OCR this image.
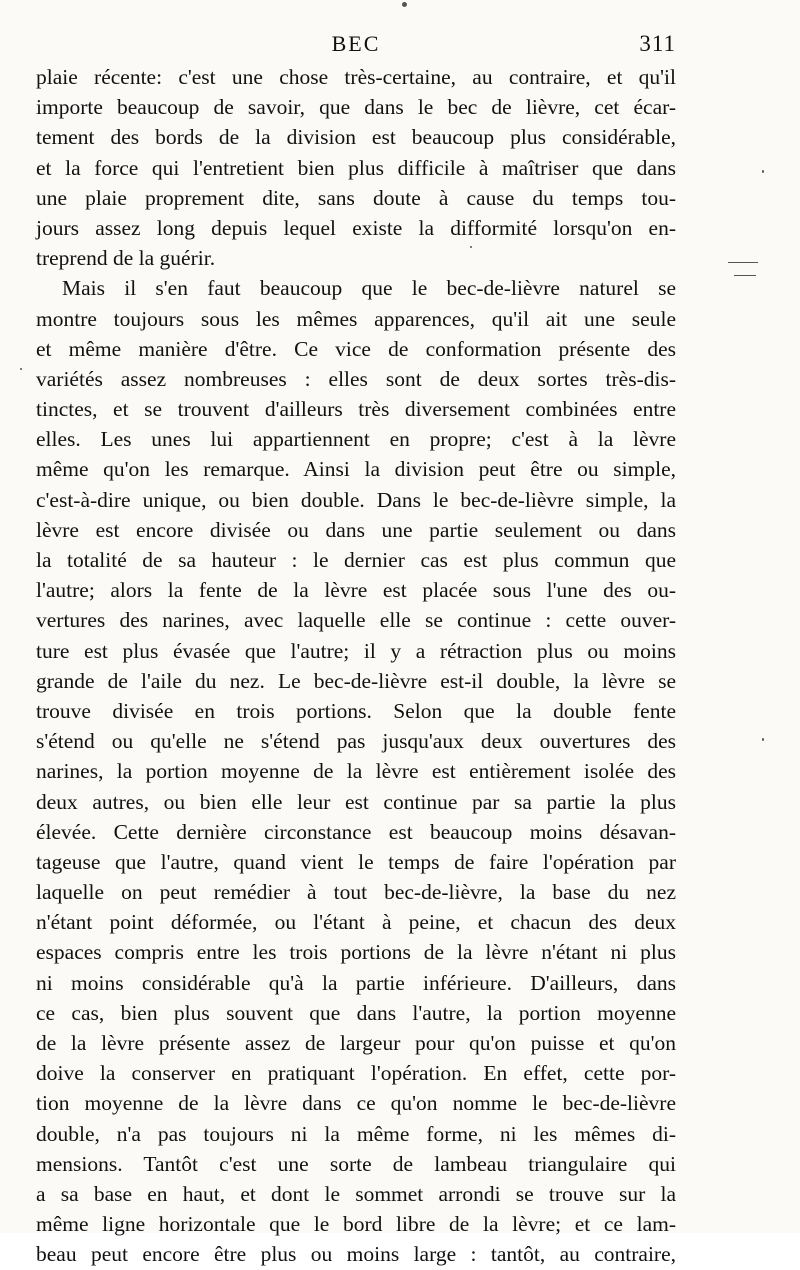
BEC	311
plaie récente: c'est une chose très-certaine, au contraire, et qu'il
importe beaucoup de savoir, que dans le bec de lièvre, cet écar-
tement des bords de la division est beaucoup plus considérable,
et la force qui l'entretient bien plus difficile à maîtriser que dans
une plaie proprement dite, sans doute à cause du temps tou-
jours assez long depuis lequel existe la difformité lorsqu'on en-
treprend de la guérir.
Mais il s'en faut beaucoup que le bec-de-lièvre naturel se
montre toujours sous les mêmes apparences, qu'il ait une seule
et même manière d'être. Ce vice de conformation présente des
variétés assez nombreuses : elles sont de deux sortes très-dis-
tinctes, et se trouvent d'ailleurs très diversement combinées entre
elles. Les unes lui appartiennent en propre; c'est à la lèvre
même qu'on les remarque. Ainsi la division peut être ou simple,
c'est-à-dire unique, ou bien double. Dans le bec-de-lièvre simple, la
lèvre est encore divisée ou dans une partie seulement ou dans
la totalité de sa hauteur : le dernier cas est plus commun que
l'autre; alors la fente de la lèvre est placée sous l'une des ou-
vertures des narines, avec laquelle elle se continue : cette ouver-
ture est plus évasée que l'autre; il y a rétraction plus ou moins
grande de l'aile du nez. Le bec-de-lièvre est-il double, la lèvre se
trouve divisée en trois portions. Selon que la double fente
s'étend ou qu'elle ne s'étend pas jusqu'aux deux ouvertures des
narines, la portion moyenne de la lèvre est entièrement isolée des
deux autres, ou bien elle leur est continue par sa partie la plus
élevée. Cette dernière circonstance est beaucoup moins désavan-
tageuse que l'autre, quand vient le temps de faire l'opération par
laquelle on peut remédier à tout bec-de-lièvre, la base du nez
n'étant point déformée, ou l'étant à peine, et chacun des deux
espaces compris entre les trois portions de la lèvre n'étant ni plus
ni moins considérable qu'à la partie inférieure. D'ailleurs, dans
ce cas, bien plus souvent que dans l'autre, la portion moyenne
de la lèvre présente assez de largeur pour qu'on puisse et qu'on
doive la conserver en pratiquant l'opération. En effet, cette por-
tion moyenne de la lèvre dans ce qu'on nomme le bec-de-lièvre
double, n'a pas toujours ni la même forme, ni les mêmes di-
mensions. Tantôt c'est une sorte de lambeau triangulaire qui
a sa base en haut, et dont le sommet arrondi se trouve sur la
même ligne horizontale que le bord libre de la lèvre; et ce lam-
beau peut encore être plus ou moins large : tantôt, au contraire,
